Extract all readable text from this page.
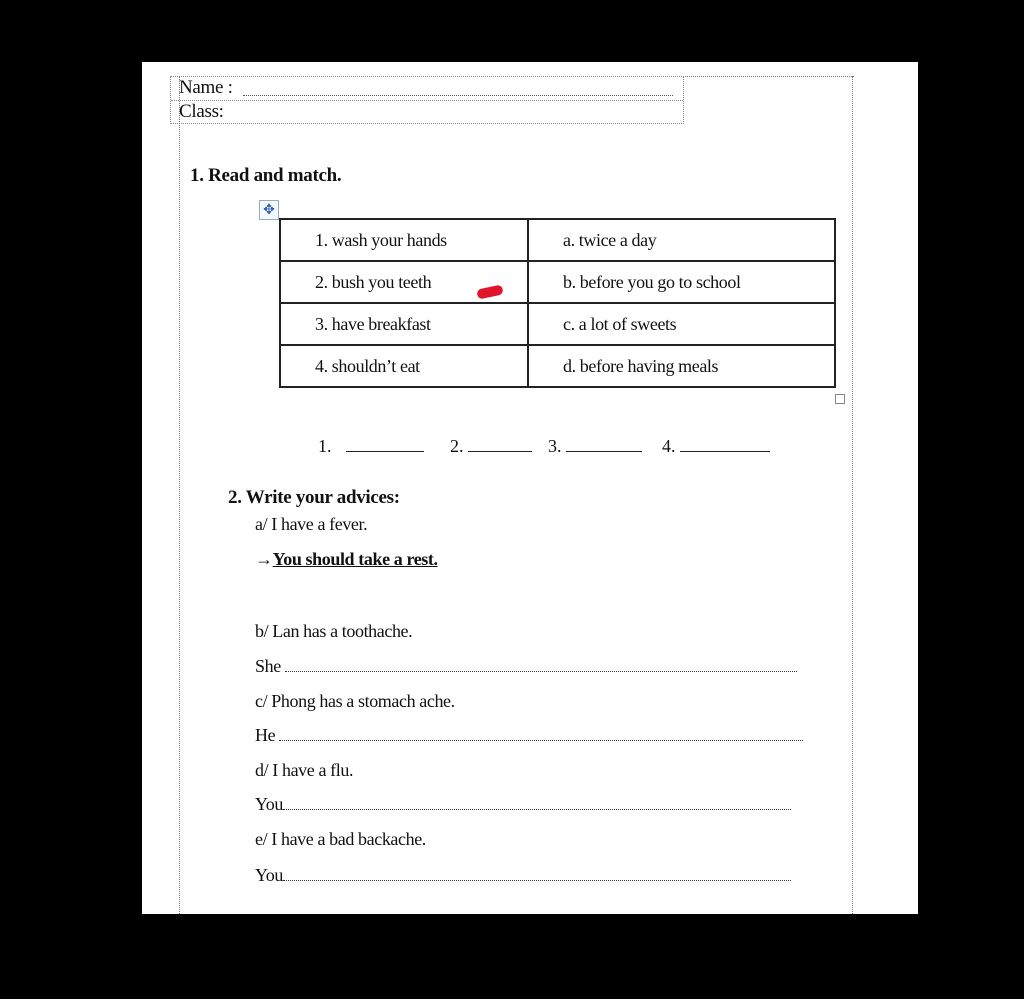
Name :
Class:
1. Read and match.
✥
1. wash your hands	a. twice a day
2. bush you teeth	b. before you go to school
3. have breakfast	c. a lot of sweets
4. shouldn’t eat	d. before having meals
1.	2.	3.	4.
2. Write your advices:
a/ I have a fever.
→You should take a rest.
b/ Lan has a toothache.
She
c/ Phong has a stomach ache.
He
d/ I have a flu.
You
e/ I have a bad backache.
You
